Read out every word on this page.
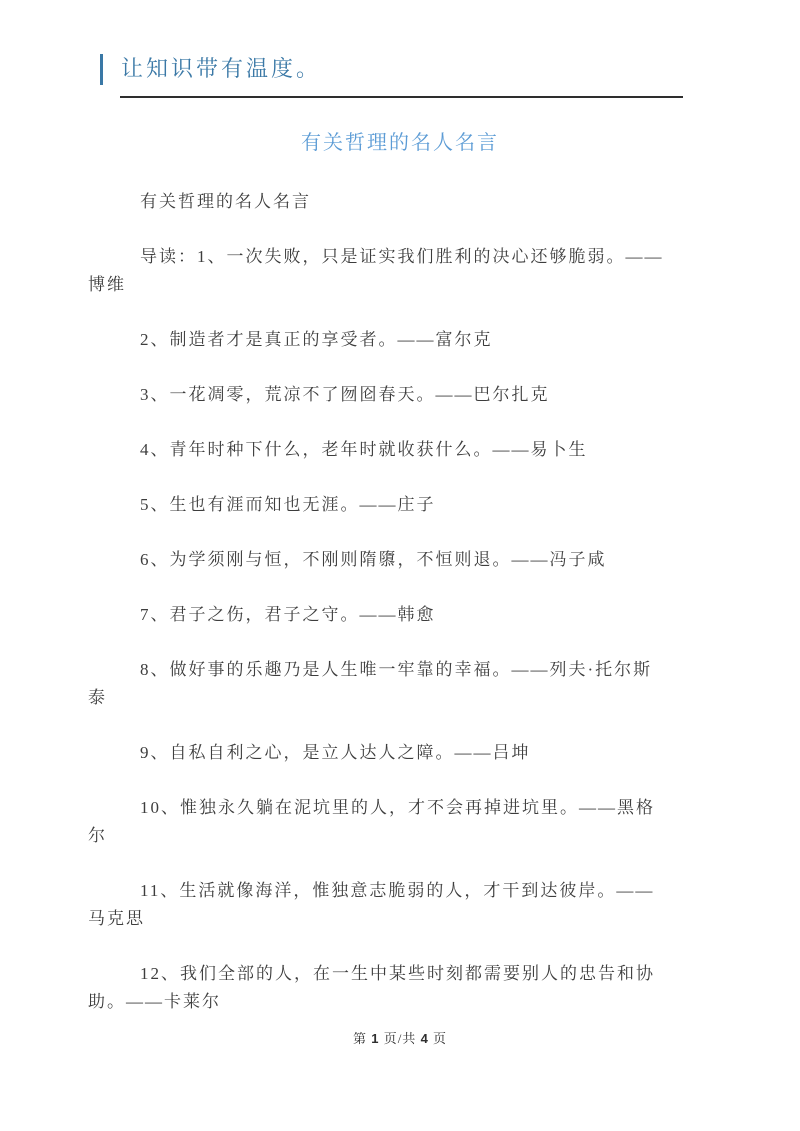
让知识带有温度。
有关哲理的名人名言
有关哲理的名人名言
导读：1、一次失败，只是证实我们胜利的决心还够脆弱。——
博维
2、制造者才是真正的享受者。——富尔克
3、一花凋零，荒凉不了囫囵春天。——巴尔扎克
4、青年时种下什么，老年时就收获什么。——易卜生
5、生也有涯而知也无涯。——庄子
6、为学须刚与恒，不刚则隋隳，不恒则退。——冯子咸
7、君子之伤，君子之守。——韩愈
8、做好事的乐趣乃是人生唯一牢靠的幸福。——列夫·托尔斯
泰
9、自私自利之心，是立人达人之障。——吕坤
10、惟独永久躺在泥坑里的人，才不会再掉进坑里。——黑格
尔
11、生活就像海洋，惟独意志脆弱的人，才干到达彼岸。——
马克思
12、我们全部的人，在一生中某些时刻都需要别人的忠告和协
助。——卡莱尔
第 1 页/共 4 页
